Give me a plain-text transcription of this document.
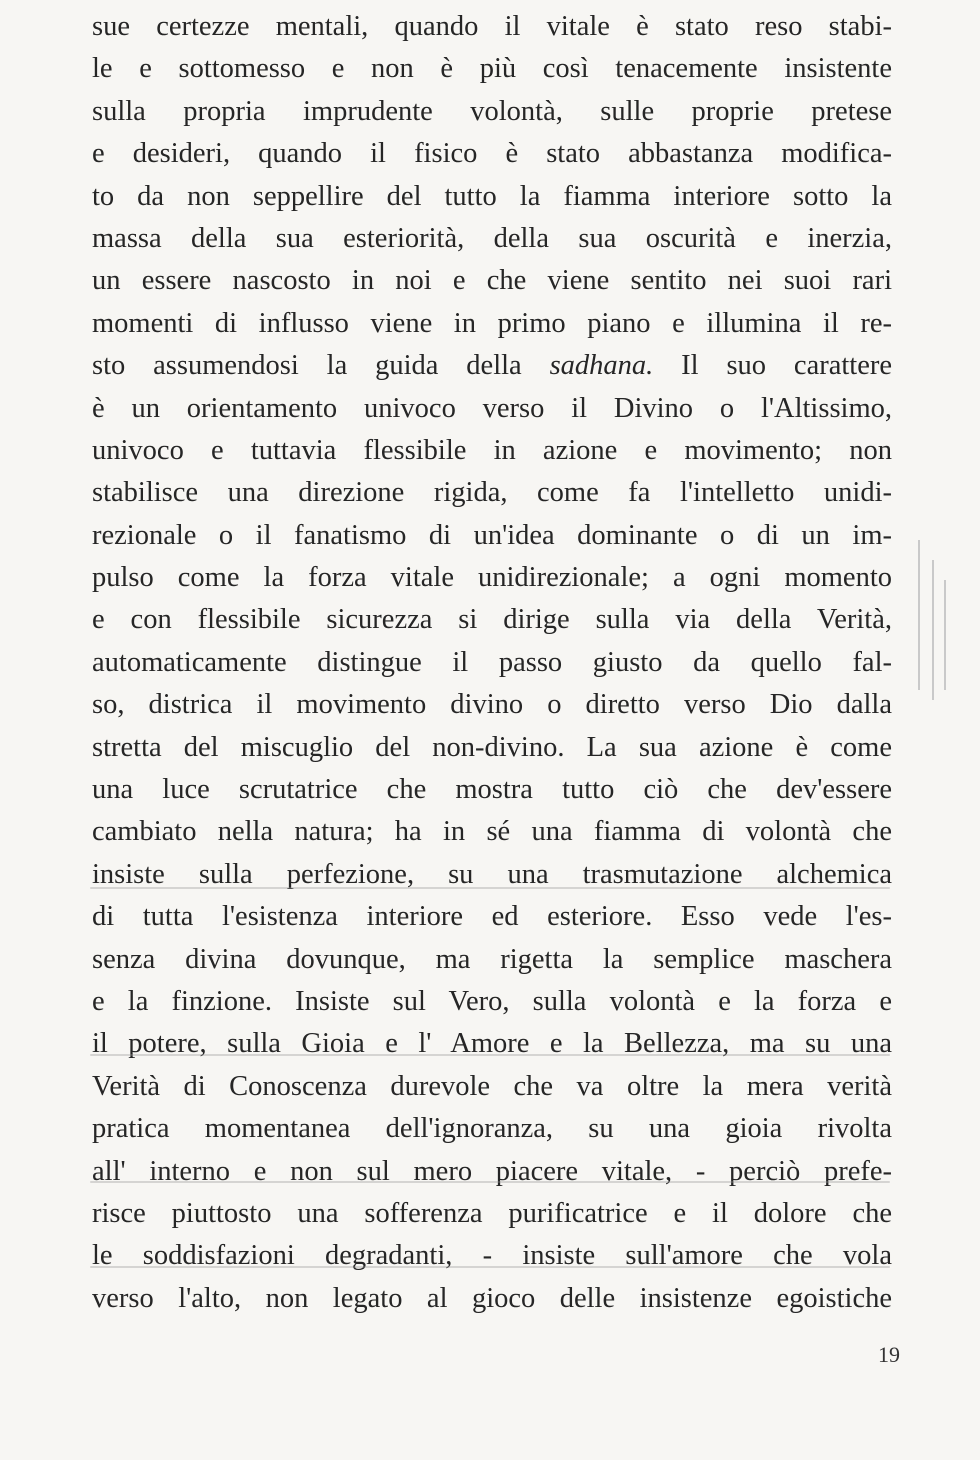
sue certezze mentali, quando il vitale è stato reso stabi-
le e sottomesso e non è più così tenacemente insistente
sulla propria imprudente volontà, sulle proprie pretese
e desideri, quando il fisico è stato abbastanza modifica-
to da non seppellire del tutto la fiamma interiore sotto la
massa della sua esteriorità, della sua oscurità e inerzia,
un essere nascosto in noi e che viene sentito nei suoi rari
momenti di influsso viene in primo piano e illumina il re-
sto assumendosi la guida della sadhana. Il suo carattere
è un orientamento univoco verso il Divino o l'Altissimo,
univoco e tuttavia flessibile in azione e movimento; non
stabilisce una direzione rigida, come fa l'intelletto unidi-
rezionale o il fanatismo di un'idea dominante o di un im-
pulso come la forza vitale unidirezionale; a ogni momento
e con flessibile sicurezza si dirige sulla via della Verità,
automaticamente distingue il passo giusto da quello fal-
so, districa il movimento divino o diretto verso Dio dalla
stretta del miscuglio del non-divino. La sua azione è come
una luce scrutatrice che mostra tutto ciò che dev'essere
cambiato nella natura; ha in sé una fiamma di volontà che
insiste sulla perfezione, su una trasmutazione alchemica
di tutta l'esistenza interiore ed esteriore. Esso vede l'es-
senza divina dovunque, ma rigetta la semplice maschera
e la finzione. Insiste sul Vero, sulla volontà e la forza e
il potere, sulla Gioia e l' Amore e la Bellezza, ma su una
Verità di Conoscenza durevole che va oltre la mera verità
pratica momentanea dell'ignoranza, su una gioia rivolta
all' interno e non sul mero piacere vitale, - perciò prefe-
risce piuttosto una sofferenza purificatrice e il dolore che
le soddisfazioni degradanti, - insiste sull'amore che vola
verso l'alto, non legato al gioco delle insistenze egoistiche
19
